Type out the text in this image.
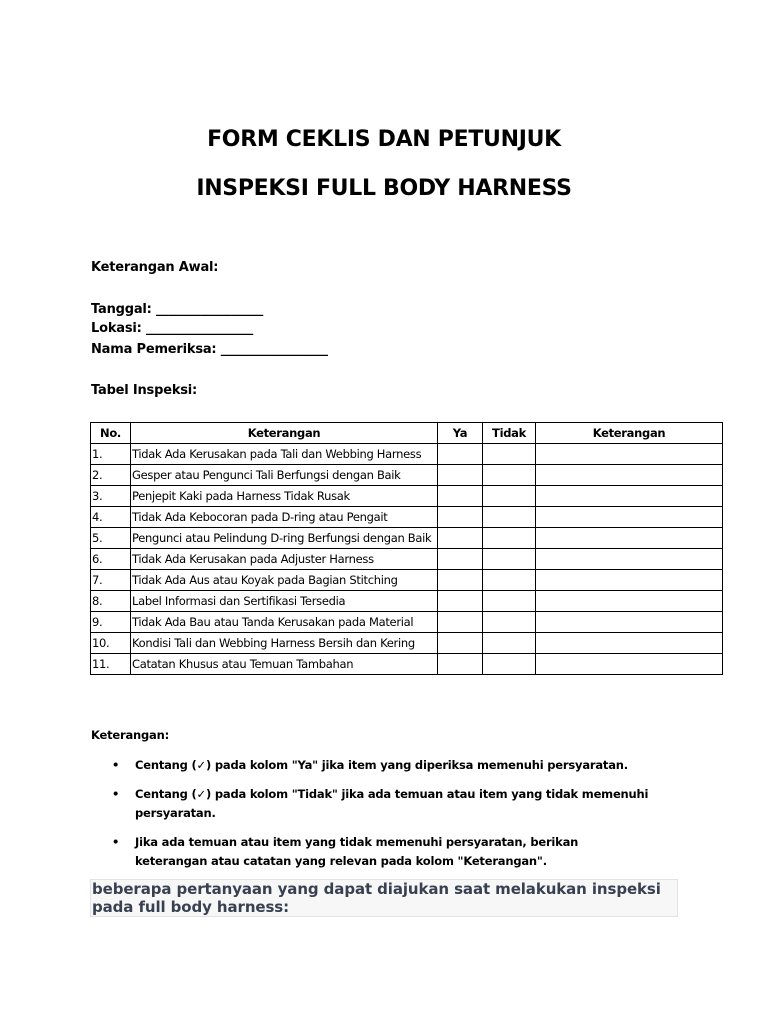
FORM CEKLIS DAN PETUNJUK
INSPEKSI FULL BODY HARNESS
Keterangan Awal:
Tanggal: _________________
Lokasi: _________________
Nama Pemeriksa: _________________
Tabel Inspeksi:
No.	Keterangan	Ya	Tidak	Keterangan
1.	Tidak Ada Kerusakan pada Tali dan Webbing Harness			
2.	Gesper atau Pengunci Tali Berfungsi dengan Baik			
3.	Penjepit Kaki pada Harness Tidak Rusak			
4.	Tidak Ada Kebocoran pada D-ring atau Pengait			
5.	Pengunci atau Pelindung D-ring Berfungsi dengan Baik			
6.	Tidak Ada Kerusakan pada Adjuster Harness			
7.	Tidak Ada Aus atau Koyak pada Bagian Stitching			
8.	Label Informasi dan Sertifikasi Tersedia			
9.	Tidak Ada Bau atau Tanda Kerusakan pada Material			
10.	Kondisi Tali dan Webbing Harness Bersih dan Kering			
11.	Catatan Khusus atau Temuan Tambahan			
Keterangan:
• Centang (✓) pada kolom "Ya" jika item yang diperiksa memenuhi persyaratan.
• Centang (✓) pada kolom "Tidak" jika ada temuan atau item yang tidak memenuhi persyaratan.
• Jika ada temuan atau item yang tidak memenuhi persyaratan, berikan keterangan atau catatan yang relevan pada kolom "Keterangan".
beberapa pertanyaan yang dapat diajukan saat melakukan inspeksi pada full body harness:
